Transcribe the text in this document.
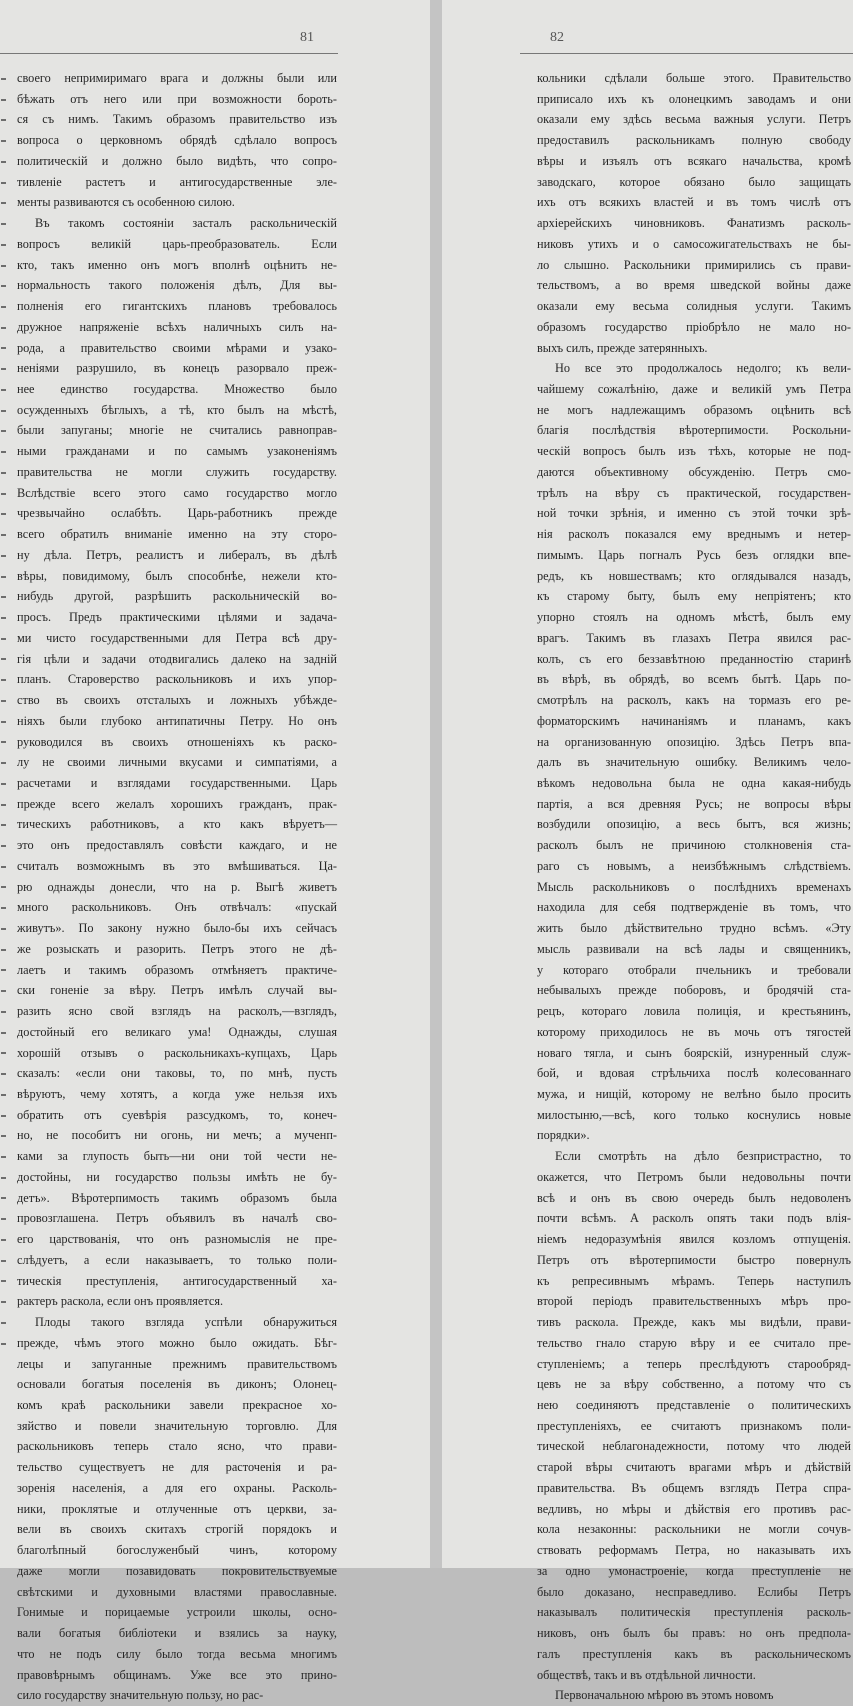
81

своего непримиримаго врага и должны были или
бѣжать отъ него или при возможности бороть-
ся съ нимъ. Такимъ образомъ правительство изъ
вопроса о церковномъ обрядѣ сдѣлало вопросъ
политическій и должно было видѣть, что сопро-
тивленіе растетъ и антигосударственные эле-
менты развиваются съ особенною силою.

Въ такомъ состояніи засталъ раскольническій
вопросъ великій царь-преобразователь. Если
кто, такъ именно онъ могъ вполнѣ оцѣнить не-
нормальность такого положенія дѣлъ, Для вы-
полненія его гигантскихъ плановъ требовалось
дружное напряженіе всѣхъ наличныхъ силъ на-
рода, а правительство своими мѣрами и узако-
неніями разрушило, въ конецъ разорвало преж-
нее единство государства. Множество было
осужденныхъ бѣглыхъ, а тѣ, кто былъ на мѣстѣ,
были запуганы; многіе не считались равноправ-
ными гражданами и по самымъ узаконеніямъ
правительства не могли служить государству.
Вслѣдствіе всего этого само государство могло
чрезвычайно ослабѣть. Царь-работникъ прежде
всего обратилъ вниманіе именно на эту сторо-
ну дѣла. Петръ, реалистъ и либералъ, въ дѣлѣ
вѣры, повидимому, былъ способнѣе, нежели кто-
нибудь другой, разрѣшить раскольническій во-
просъ. Предъ практическими цѣлями и задача-
ми чисто государственными для Петра всѣ дру-
гія цѣли и задачи отодвигались далеко на задній
планъ. Староверство раскольниковъ и ихъ упор-
ство въ своихъ отсталыхъ и ложныхъ убѣжде-
ніяхъ были глубоко антипатичны Петру. Но онъ
руководился въ своихъ отношеніяхъ къ раско-
лу не своими личными вкусами и симпатіями, а
расчетами и взглядами государственными. Царь
прежде всего желалъ хорошихъ гражданъ, прак-
тическихъ работниковъ, а кто какъ вѣруетъ—
это онъ предоставлялъ совѣсти каждаго, и не
считалъ возможнымъ въ это вмѣшиваться. Ца-
рю однажды донесли, что на р. Выгѣ живетъ
много раскольниковъ. Онъ отвѣчалъ: «пускай
живутъ». По закону нужно было-бы ихъ сейчасъ
же розыскать и разорить. Петръ этого не дѣ-
лаетъ и такимъ образомъ отмѣняетъ практиче-
ски гоненіе за вѣру. Петръ имѣлъ случай вы-
разить ясно свой взглядъ на расколъ,—взглядъ,
достойный его великаго ума! Однажды, слушая
хорошій отзывъ о раскольникахъ-купцахъ, Царь
сказалъ: «если они таковы, то, по мнѣ, пусть
вѣруютъ, чему хотятъ, а когда уже нельзя ихъ
обратить отъ суевѣрія разсудкомъ, то, конеч-
но, не пособитъ ни огонь, ни мечъ; а мученп-
ками за глупость быть—ни они той чести не-
достойны, ни государство пользы имѣть не бу-
детъ». Вѣротерпимость такимъ образомъ была
провозглашена. Петръ объявилъ въ началѣ сво-
его царствованія, что онъ разномыслія не пре-
слѣдуетъ, а если наказываетъ, то только поли-
тическія преступленія, антигосударственный ха-
рактеръ раскола, если онъ проявляется.

Плоды такого взгляда успѣли обнаружиться
прежде, чѣмъ этого можно было ожидать. Бѣг-
лецы и запуганные прежнимъ правительствомъ
основали богатыя поселенія въ диконъ; Олонец-
комъ краѣ раскольники завели прекрасное хо-
зяйство и повели значительную торговлю. Для
раскольниковъ теперь стало ясно, что прави-
тельство существуетъ не для расточенія и ра-
зоренія населенія, а для его охраны. Расколь-
ники, проклятые и отлученные отъ церкви, за-
вели въ своихъ скитахъ строгій порядокъ и
благолѣпный богослуженбый чинъ, которому
даже могли позавидовать покровительствуемые
свѣтскими и духовными властями православные.
Гонимые и порицаемые устроили школы, осно-
вали богатыя библіотеки и взялись за науку,
что не подъ силу было тогда весьма многимъ
правовѣрнымъ общинамъ. Уже все это прино-
сило государству значительную пользу, но рас-

82

кольники сдѣлали больше этого. Правительство
приписало ихъ къ олонецкимъ заводамъ и они
оказали ему здѣсь весьма важныя услуги. Петръ
предоставилъ раскольникамъ полную свободу
вѣры и изъялъ отъ всякаго начальства, кромѣ
заводскаго, которое обязано было защищать
ихъ отъ всякихъ властей и въ томъ числѣ отъ
архіерейскихъ чиновниковъ. Фанатизмъ расколь-
никовъ утихъ и о самосожигательствахъ не бы-
ло слышно. Раскольники примирились съ прави-
тельствомъ, а во время шведской войны даже
оказали ему весьма солидныя услуги. Такимъ
образомъ государство пріобрѣло не мало но-
выхъ силъ, прежде затерянныхъ.

Но все это продолжалось недолго; къ вели-
чайшему сожалѣнію, даже и великій умъ Петра
не могъ надлежащимъ образомъ оцѣнить всѣ
благія послѣдствія вѣротерпимости. Роскольни-
ческій вопросъ былъ изъ тѣхъ, которые не под-
даются объективному обсужденію. Петръ смо-
трѣлъ на вѣру съ практической, государствен-
ной точки зрѣнія, и именно съ этой точки зрѣ-
нія расколъ показался ему вреднымъ и нетер-
пимымъ. Царь погналъ Русь безъ оглядки впе-
редъ, къ новшествамъ; кто оглядывался назадъ,
къ старому быту, былъ ему непріятенъ; кто
упорно стоялъ на одномъ мѣстѣ, былъ ему
врагъ. Такимъ въ глазахъ Петра явился рас-
колъ, съ его беззавѣтною преданностію старинѣ
въ вѣрѣ, въ обрядѣ, во всемъ бытѣ. Царь по-
смотрѣлъ на расколъ, какъ на тормазъ его ре-
форматорскимъ начинаніямъ и планамъ, какъ
на организованную опозицію. Здѣсь Петръ впа-
далъ въ значительную ошибку. Великимъ чело-
вѣкомъ недовольна была не одна какая-нибудь
партія, а вся древняя Русь; не вопросы вѣры
возбудили опозицію, а весь бытъ, вся жизнь;
расколъ былъ не причиною столкновенія ста-
раго съ новымъ, а неизбѣжнымъ слѣдствіемъ.
Мысль раскольниковъ о послѣднихъ временахъ
находила для себя подтвержденіе въ томъ, что
жить было дѣйствительно трудно всѣмъ. «Эту
мысль развивали на всѣ лады и священникъ,
у котораго отобрали пчельникъ и требовали
небывалыхъ прежде поборовъ, и бродячій ста-
рецъ, котораго ловила полиція, и крестьянинъ,
которому приходилось не въ мочь отъ тягостей
новаго тягла, и сынъ боярскій, изнуренный служ-
бой, и вдовая стрѣльчиха послѣ колесованнаго
мужа, и нищій, которому не велѣно было просить
милостыню,—всѣ, кого только коснулись новые
порядки».

Если смотрѣть на дѣло безпристрастно, то
окажется, что Петромъ были недовольны почти
всѣ и онъ въ свою очередь былъ недоволенъ
почти всѣмъ. А расколъ опять таки подъ влія-
ніемъ недоразумѣнія явился козломъ отпущенія.
Петръ отъ вѣротерпимости быстро повернулъ
къ репресивнымъ мѣрамъ. Теперь наступилъ
второй періодъ правительственныхъ мѣръ про-
тивъ раскола. Прежде, какъ мы видѣли, прави-
тельство гнало старую вѣру и ее считало пре-
ступленіемъ; а теперь преслѣдуютъ старообряд-
цевъ не за вѣру собственно, а потому что съ
нею соединяютъ представленіе о политическихъ
преступленіяхъ, ее считаютъ признакомъ поли-
тической неблагонадежности, потому что людей
старой вѣры считаютъ врагами мѣръ и дѣйствій
правительства. Въ общемъ взглядъ Петра спра-
ведливъ, но мѣры и дѣйствія его противъ рас-
кола незаконны: раскольники не могли сочув-
ствовать реформамъ Петра, но наказывать ихъ
за одно умонастроеніе, когда преступленіе не
было доказано, несправедливо. Еслибы Петръ
наказывалъ политическія преступленія расколь-
никовъ, онъ былъ бы правъ: но онъ предпола-
галъ преступленія какъ въ раскольническомъ
обществѣ, такъ и въ отдѣльной личности.

Первоначальною мѣрою въ этомъ новомъ
